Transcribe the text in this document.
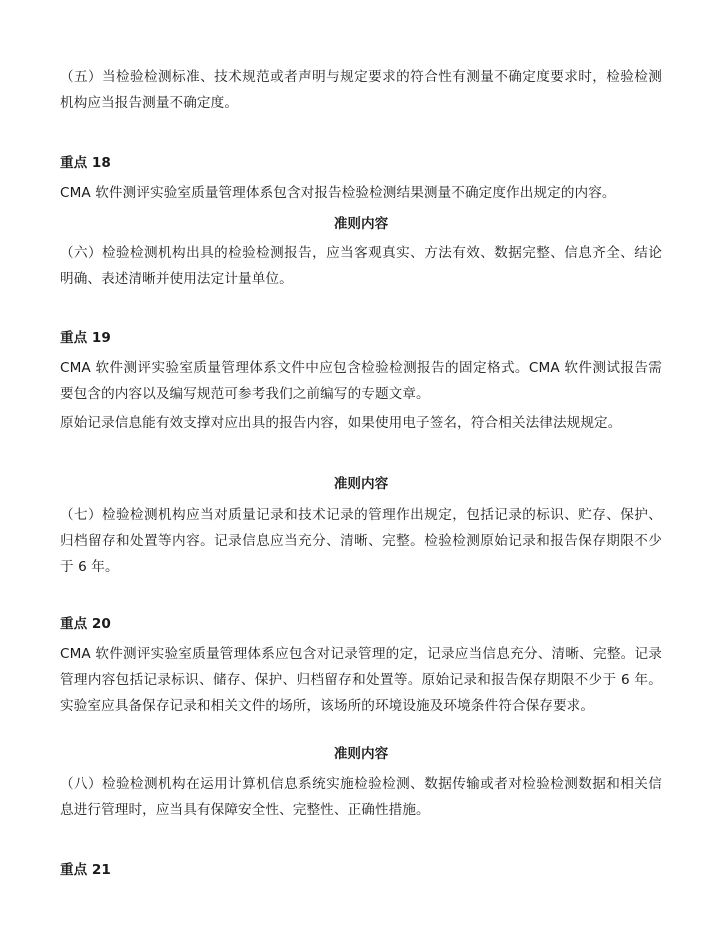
（五）当检验检测标准、技术规范或者声明与规定要求的符合性有测量不确定度要求时，检验检测机构应当报告测量不确定度。

重点 18

CMA 软件测评实验室质量管理体系包含对报告检验检测结果测量不确定度作出规定的内容。

准则内容

（六）检验检测机构出具的检验检测报告，应当客观真实、方法有效、数据完整、信息齐全、结论明确、表述清晰并使用法定计量单位。

重点 19

CMA 软件测评实验室质量管理体系文件中应包含检验检测报告的固定格式。CMA 软件测试报告需要包含的内容以及编写规范可参考我们之前编写的专题文章。

原始记录信息能有效支撑对应出具的报告内容，如果使用电子签名，符合相关法律法规规定。

准则内容

（七）检验检测机构应当对质量记录和技术记录的管理作出规定，包括记录的标识、贮存、保护、归档留存和处置等内容。记录信息应当充分、清晰、完整。检验检测原始记录和报告保存期限不少于 6 年。

重点 20

CMA 软件测评实验室质量管理体系应包含对记录管理的定，记录应当信息充分、清晰、完整。记录管理内容包括记录标识、储存、保护、归档留存和处置等。原始记录和报告保存期限不少于 6 年。实验室应具备保存记录和相关文件的场所，该场所的环境设施及环境条件符合保存要求。

准则内容

（八）检验检测机构在运用计算机信息系统实施检验检测、数据传输或者对检验检测数据和相关信息进行管理时，应当具有保障安全性、完整性、正确性措施。

重点 21
